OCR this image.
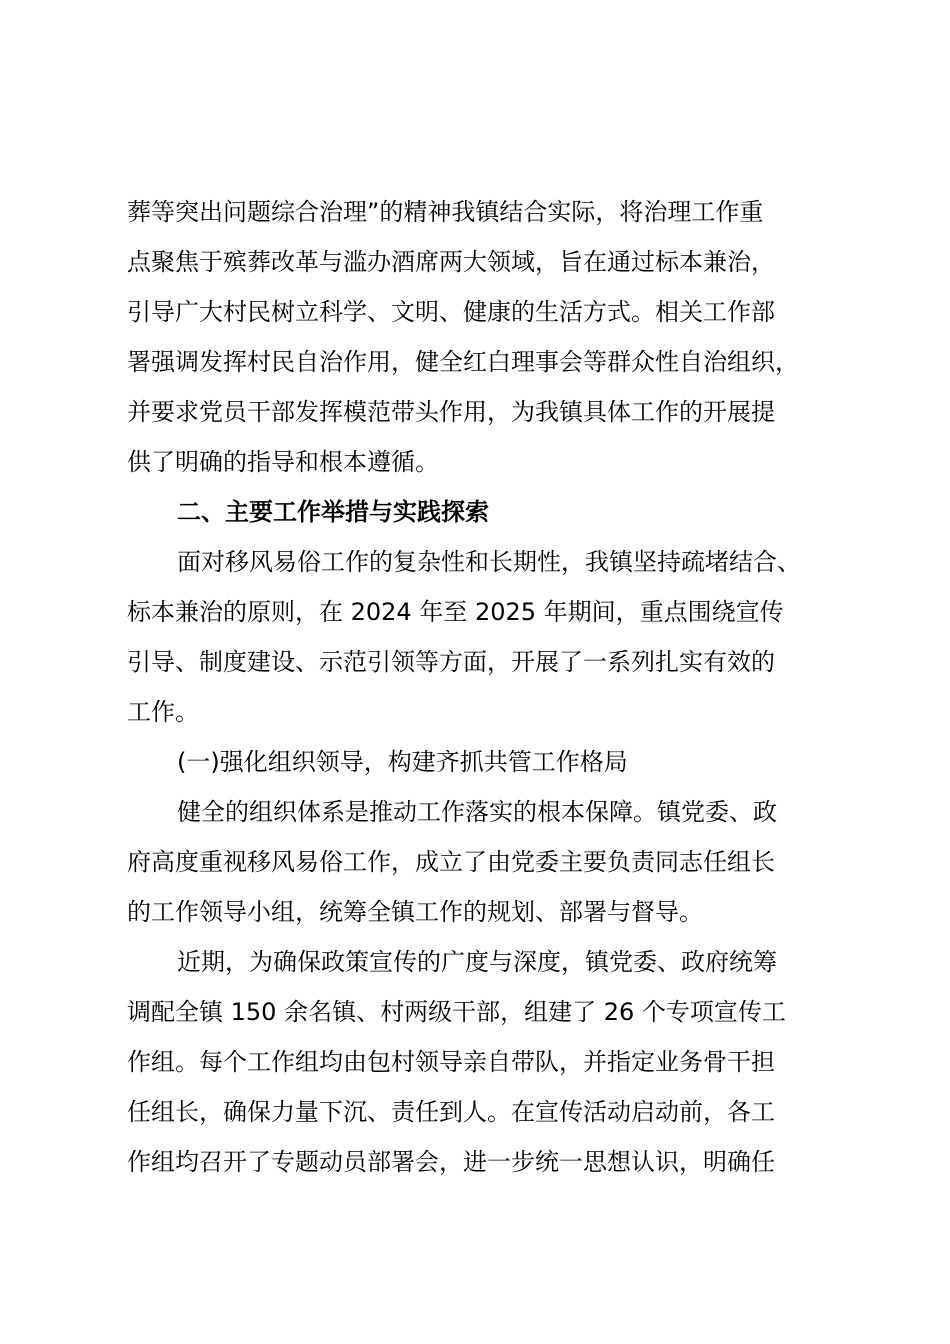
葬等突出问题综合治理”的精神我镇结合实际，将治理工作重

点聚焦于殡葬改革与滥办酒席两大领域，旨在通过标本兼治，

引导广大村民树立科学、文明、健康的生活方式。相关工作部

署强调发挥村民自治作用，健全红白理事会等群众性自治组织，

并要求党员干部发挥模范带头作用，为我镇具体工作的开展提

供了明确的指导和根本遵循。

二、主要工作举措与实践探索

面对移风易俗工作的复杂性和长期性，我镇坚持疏堵结合、

标本兼治的原则，在 2024 年至 2025 年期间，重点围绕宣传

引导、制度建设、示范引领等方面，开展了一系列扎实有效的

工作。

(一)强化组织领导，构建齐抓共管工作格局

健全的组织体系是推动工作落实的根本保障。镇党委、政

府高度重视移风易俗工作，成立了由党委主要负责同志任组长

的工作领导小组，统筹全镇工作的规划、部署与督导。

近期，为确保政策宣传的广度与深度，镇党委、政府统筹

调配全镇 150 余名镇、村两级干部，组建了 26 个专项宣传工

作组。每个工作组均由包村领导亲自带队，并指定业务骨干担

任组长，确保力量下沉、责任到人。在宣传活动启动前，各工

作组均召开了专题动员部署会，进一步统一思想认识，明确任
